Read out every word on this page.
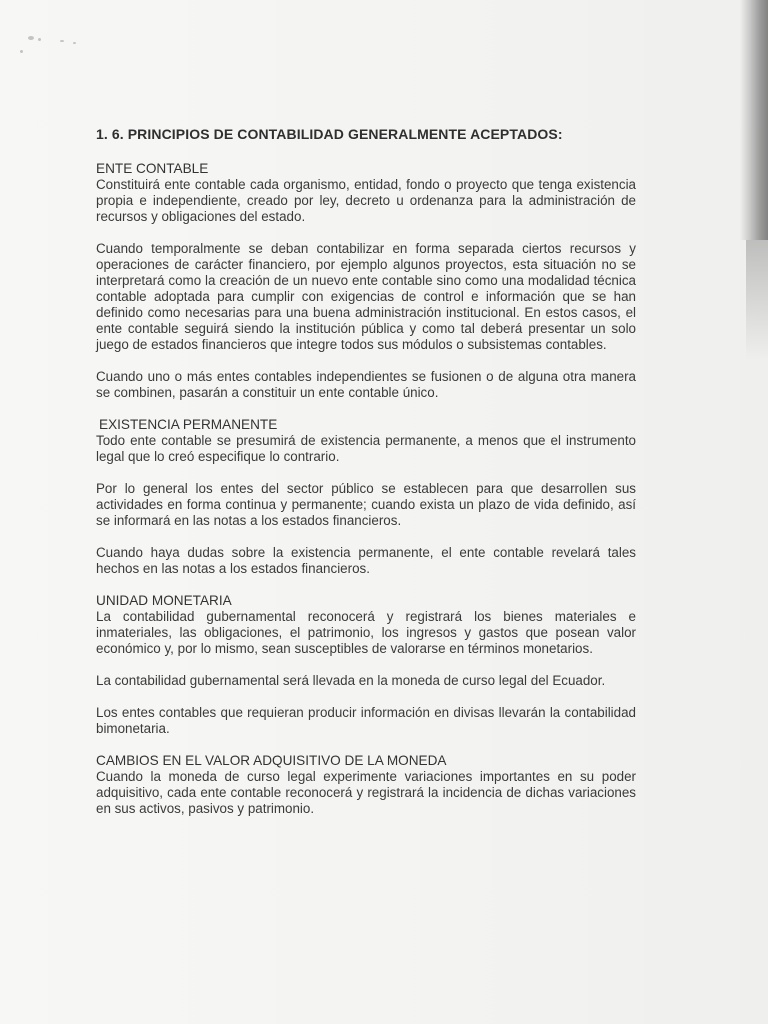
1. 6. PRINCIPIOS DE CONTABILIDAD GENERALMENTE ACEPTADOS:
ENTE CONTABLE

Constituirá ente contable cada organismo, entidad, fondo o proyecto que tenga existencia propia e independiente, creado por ley, decreto u ordenanza para la administración de recursos y obligaciones del estado.

Cuando temporalmente se deban contabilizar en forma separada ciertos recursos y operaciones de carácter financiero, por ejemplo algunos proyectos, esta situación no se interpretará como la creación de un nuevo ente contable sino como una modalidad técnica contable adoptada para cumplir con exigencias de control e información que se han definido como necesarias para una buena administración institucional. En estos casos, el ente contable seguirá siendo la institución pública y como tal deberá presentar un solo juego de estados financieros que integre todos sus módulos o subsistemas contables.

Cuando uno o más entes contables independientes se fusionen o de alguna otra manera se combinen, pasarán a constituir un ente contable único.

EXISTENCIA PERMANENTE

Todo ente contable se presumirá de existencia permanente, a menos que el instrumento legal que lo creó especifique lo contrario.

Por lo general los entes del sector público se establecen para que desarrollen sus actividades en forma continua y permanente; cuando exista un plazo de vida definido, así se informará en las notas a los estados financieros.

Cuando haya dudas sobre la existencia permanente, el ente contable revelará tales hechos en las notas a los estados financieros.

UNIDAD MONETARIA

La contabilidad gubernamental reconocerá y registrará los bienes materiales e inmateriales, las obligaciones, el patrimonio, los ingresos y gastos que posean valor económico y, por lo mismo, sean susceptibles de valorarse en términos monetarios.

La contabilidad gubernamental será llevada en la moneda de curso legal del Ecuador.

Los entes contables que requieran producir información en divisas llevarán la contabilidad bimonetaria.

CAMBIOS EN EL VALOR ADQUISITIVO DE LA MONEDA

Cuando la moneda de curso legal experimente variaciones importantes en su poder adquisitivo, cada ente contable reconocerá y registrará la incidencia de dichas variaciones en sus activos, pasivos y patrimonio.
